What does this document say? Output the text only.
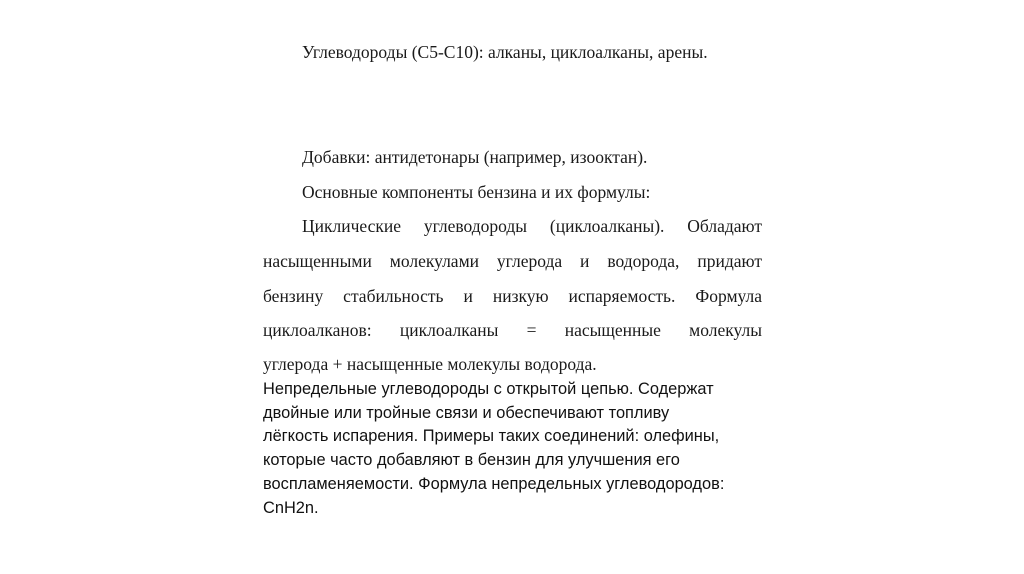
Углеводороды (С5-С10): алканы, циклоалканы, арены.
Добавки: антидетонары (например, изооктан).
Основные компоненты бензина и их формулы:
Циклические углеводороды (циклоалканы). Обладают
насыщенными молекулами углерода и водорода, придают
бензину стабильность и низкую испаряемость. Формула
циклоалканов: циклоалканы = насыщенные молекулы
углерода + насыщенные молекулы водорода.
Непредельные углеводороды с открытой цепью. Содержат
двойные или тройные связи и обеспечивают топливу
лёгкость испарения. Примеры таких соединений: олефины,
которые часто добавляют в бензин для улучшения его
воспламеняемости. Формула непредельных углеводородов:
CnH2n.
